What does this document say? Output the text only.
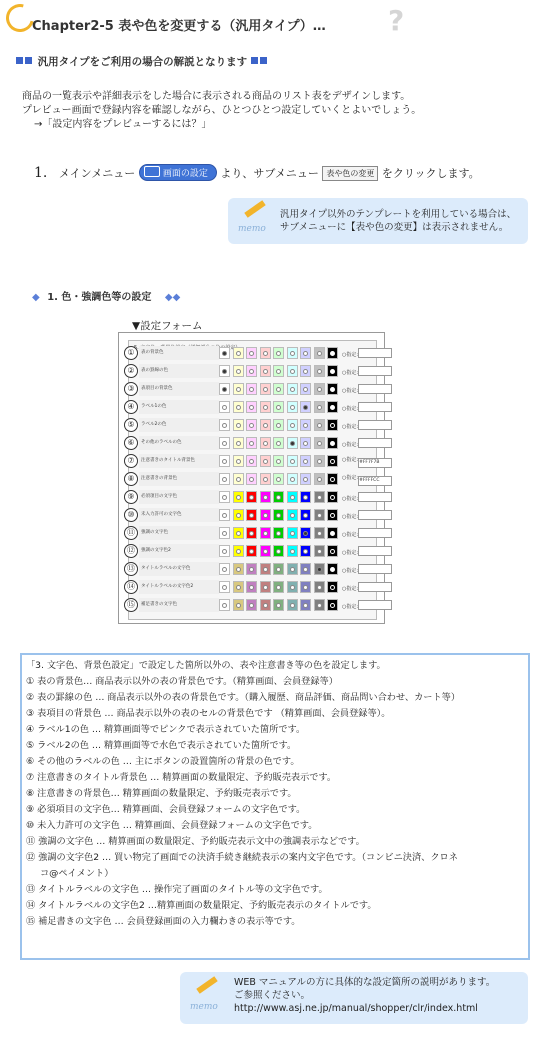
Chapter2-5 表や色を変更する（汎用タイプ）… ?
汎用タイプをご利用の場合の解説となります
商品の一覧表示や詳細表示をした場合に表示される商品のリスト表をデザインします。
プレビュー画面で登録内容を確認しながら、ひとつひとつ設定していくとよいでしょう。
→「設定内容をプレビューするには？」
1. メインメニュー	画面の設定 より、サブメニュー 表や色の変更 をクリックします。
memo
汎用タイプ以外のテンプレートを利用している場合は、
サブメニューに【表や色の変更】は表示されません。
◆ 1. 色・強調色等の設定 ◆◆
▼設定フォーム
①	表の背景色	○指定:
②	表の罫線の色	○指定:
③	表項目の背景色	○指定:
④	ラベル1の色	○指定:
⑤	ラベル2の色	○指定:
⑥	その他のラベルの色	○指定:
⑦	注意書きのタイトル背景色	○指定:#FF7F7B
⑧	注意書きの背景色	○指定:#FFFFCC
⑨	必須項目の文字色	○指定:
⑩	未入力許可の文字色	○指定:
⑪	強調の文字色	○指定:
⑫	強調の文字色2	○指定:
⑬	タイトルラベルの文字色	○指定:
⑭	タイトルラベルの文字色2	○指定:
⑮	補足書きの文字色	○指定:
「3. 文字色、背景色設定」で設定した箇所以外の、表や注意書き等の色を設定します。
① 表の背景色… 商品表示以外の表の背景色です。（精算画面、会員登録等）
② 表の罫線の色 … 商品表示以外の表の背景色です。（購入履歴、商品評価、商品問い合わせ、カート等）
③ 表項目の背景色 … 商品表示以外の表のセルの背景色です （精算画面、会員登録等）。
④ ラベル1の色 … 精算画面等でピンクで表示されていた箇所です。
⑤ ラベル2の色 … 精算画面等で水色で表示されていた箇所です。
⑥ その他のラベルの色 … 主にボタンの設置箇所の背景の色です。
⑦ 注意書きのタイトル背景色 … 精算画面の数量限定、予約販売表示です。
⑧ 注意書きの背景色… 精算画面の数量限定、予約販売表示です。
⑨ 必須項目の文字色… 精算画面、会員登録フォームの文字色です。
⑩ 未入力許可の文字色 … 精算画面、会員登録フォームの文字色です。
⑪ 強調の文字色 … 精算画面の数量限定、予約販売表示文中の強調表示などです。
⑫ 強調の文字色2 … 買い物完了画面での決済手続き継続表示の案内文字色です。（コンビニ決済、クロネ
コ@ペイメント）
⑬ タイトルラベルの文字色 … 操作完了画面のタイトル等の文字色です。
⑭ タイトルラベルの文字色2 …精算画面の数量限定、予約販売表示のタイトルです。
⑮ 補足書きの文字色 … 会員登録画面の入力欄わきの表示等です。
memo
WEB マニュアルの方に具体的な設定箇所の説明があります。
ご参照ください。
http://www.asj.ne.jp/manual/shopper/clr/index.html
